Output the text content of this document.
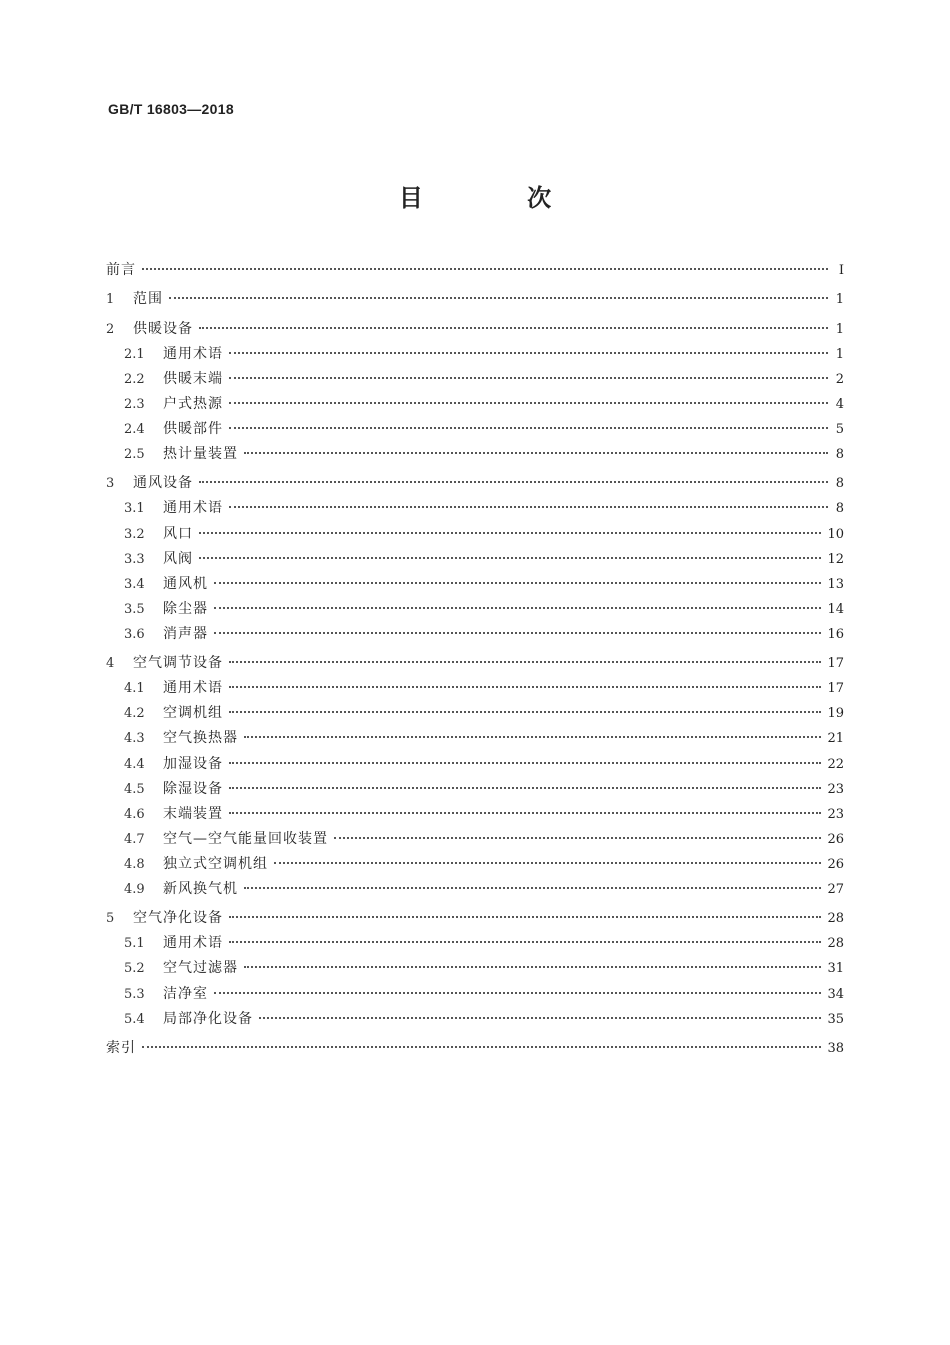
GB/T 16803—2018
目 次
前言	I
1	范围	1
2	供暖设备	1
2.1	通用术语	1
2.2	供暖末端	2
2.3	户式热源	4
2.4	供暖部件	5
2.5	热计量装置	8
3	通风设备	8
3.1	通用术语	8
3.2	风口	10
3.3	风阀	12
3.4	通风机	13
3.5	除尘器	14
3.6	消声器	16
4	空气调节设备	17
4.1	通用术语	17
4.2	空调机组	19
4.3	空气换热器	21
4.4	加湿设备	22
4.5	除湿设备	23
4.6	末端装置	23
4.7	空气—空气能量回收装置	26
4.8	独立式空调机组	26
4.9	新风换气机	27
5	空气净化设备	28
5.1	通用术语	28
5.2	空气过滤器	31
5.3	洁净室	34
5.4	局部净化设备	35
索引	38
